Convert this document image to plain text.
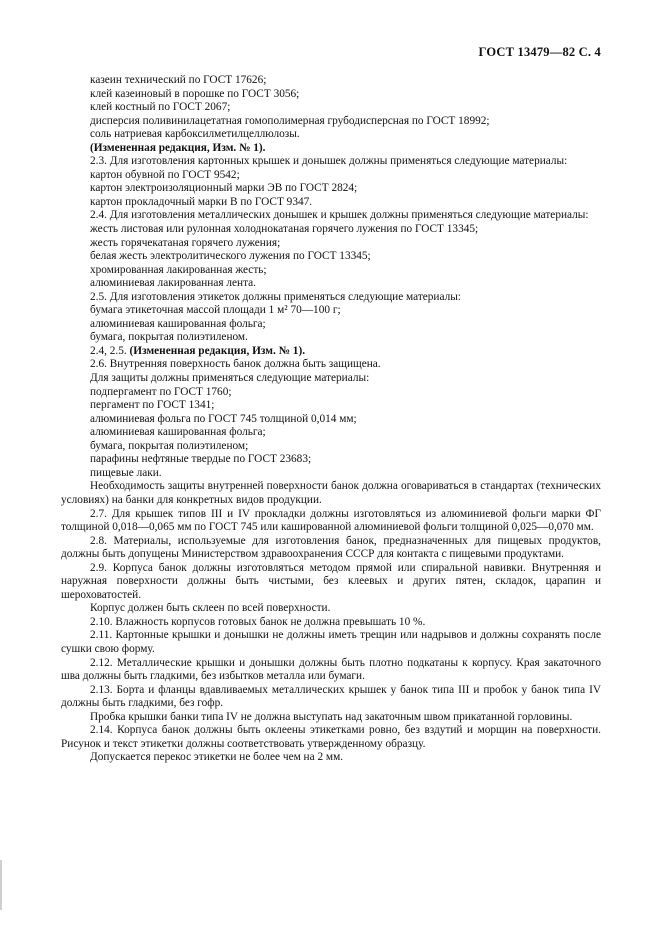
ГОСТ 13479—82 С. 4

казеин технический по ГОСТ 17626;

клей казеиновый в порошке по ГОСТ 3056;

клей костный по ГОСТ 2067;

дисперсия поливинилацетатная гомополимерная грубодисперсная по ГОСТ 18992;

соль натриевая карбоксилметилцеллюлозы.

(Измененная редакция, Изм. № 1).

2.3. Для изготовления картонных крышек и донышек должны применяться следующие материалы:

картон обувной по ГОСТ 9542;

картон электроизоляционный марки ЭВ по ГОСТ 2824;

картон прокладочный марки В по ГОСТ 9347.

2.4. Для изготовления металлических донышек и крышек должны применяться следующие материалы:

жесть листовая или рулонная холоднокатаная горячего лужения по ГОСТ 13345;

жесть горячекатаная горячего лужения;

белая жесть электролитического лужения по ГОСТ 13345;

хромированная лакированная жесть;

алюминиевая лакированная лента.

2.5. Для изготовления этикеток должны применяться следующие материалы:

бумага этикеточная массой площади 1 м² 70—100 г;

алюминиевая кашированная фольга;

бумага, покрытая полиэтиленом.

2.4, 2.5. (Измененная редакция, Изм. № 1).

2.6. Внутренняя поверхность банок должна быть защищена.

Для защиты должны применяться следующие материалы:

подпергамент по ГОСТ 1760;

пергамент по ГОСТ 1341;

алюминиевая фольга по ГОСТ 745 толщиной 0,014 мм;

алюминиевая кашированная фольга;

бумага, покрытая полиэтиленом;

парафины нефтяные твердые по ГОСТ 23683;

пищевые лаки.

Необходимость защиты внутренней поверхности банок должна оговариваться в стандартах (технических условиях) на банки для конкретных видов продукции.

2.7. Для крышек типов III и IV прокладки должны изготовляться из алюминиевой фольги марки ФГ толщиной 0,018—0,065 мм по ГОСТ 745 или кашированной алюминиевой фольги толщиной 0,025—0,070 мм.

2.8. Материалы, используемые для изготовления банок, предназначенных для пищевых продуктов, должны быть допущены Министерством здравоохранения СССР для контакта с пищевыми продуктами.

2.9. Корпуса банок должны изготовляться методом прямой или спиральной навивки. Внутренняя и наружная поверхности должны быть чистыми, без клеевых и других пятен, складок, царапин и шероховатостей.

Корпус должен быть склеен по всей поверхности.

2.10. Влажность корпусов готовых банок не должна превышать 10 %.

2.11. Картонные крышки и донышки не должны иметь трещин или надрывов и должны сохранять после сушки свою форму.

2.12. Металлические крышки и донышки должны быть плотно подкатаны к корпусу. Края закаточного шва должны быть гладкими, без избытков металла или бумаги.

2.13. Борта и фланцы вдавливаемых металлических крышек у банок типа III и пробок у банок типа IV должны быть гладкими, без гофр.

Пробка крышки банки типа IV не должна выступать над закаточным швом прикатанной горловины.

2.14. Корпуса банок должны быть оклеены этикетками ровно, без вздутий и морщин на поверхности. Рисунок и текст этикетки должны соответствовать утвержденному образцу.

Допускается перекос этикетки не более чем на 2 мм.
